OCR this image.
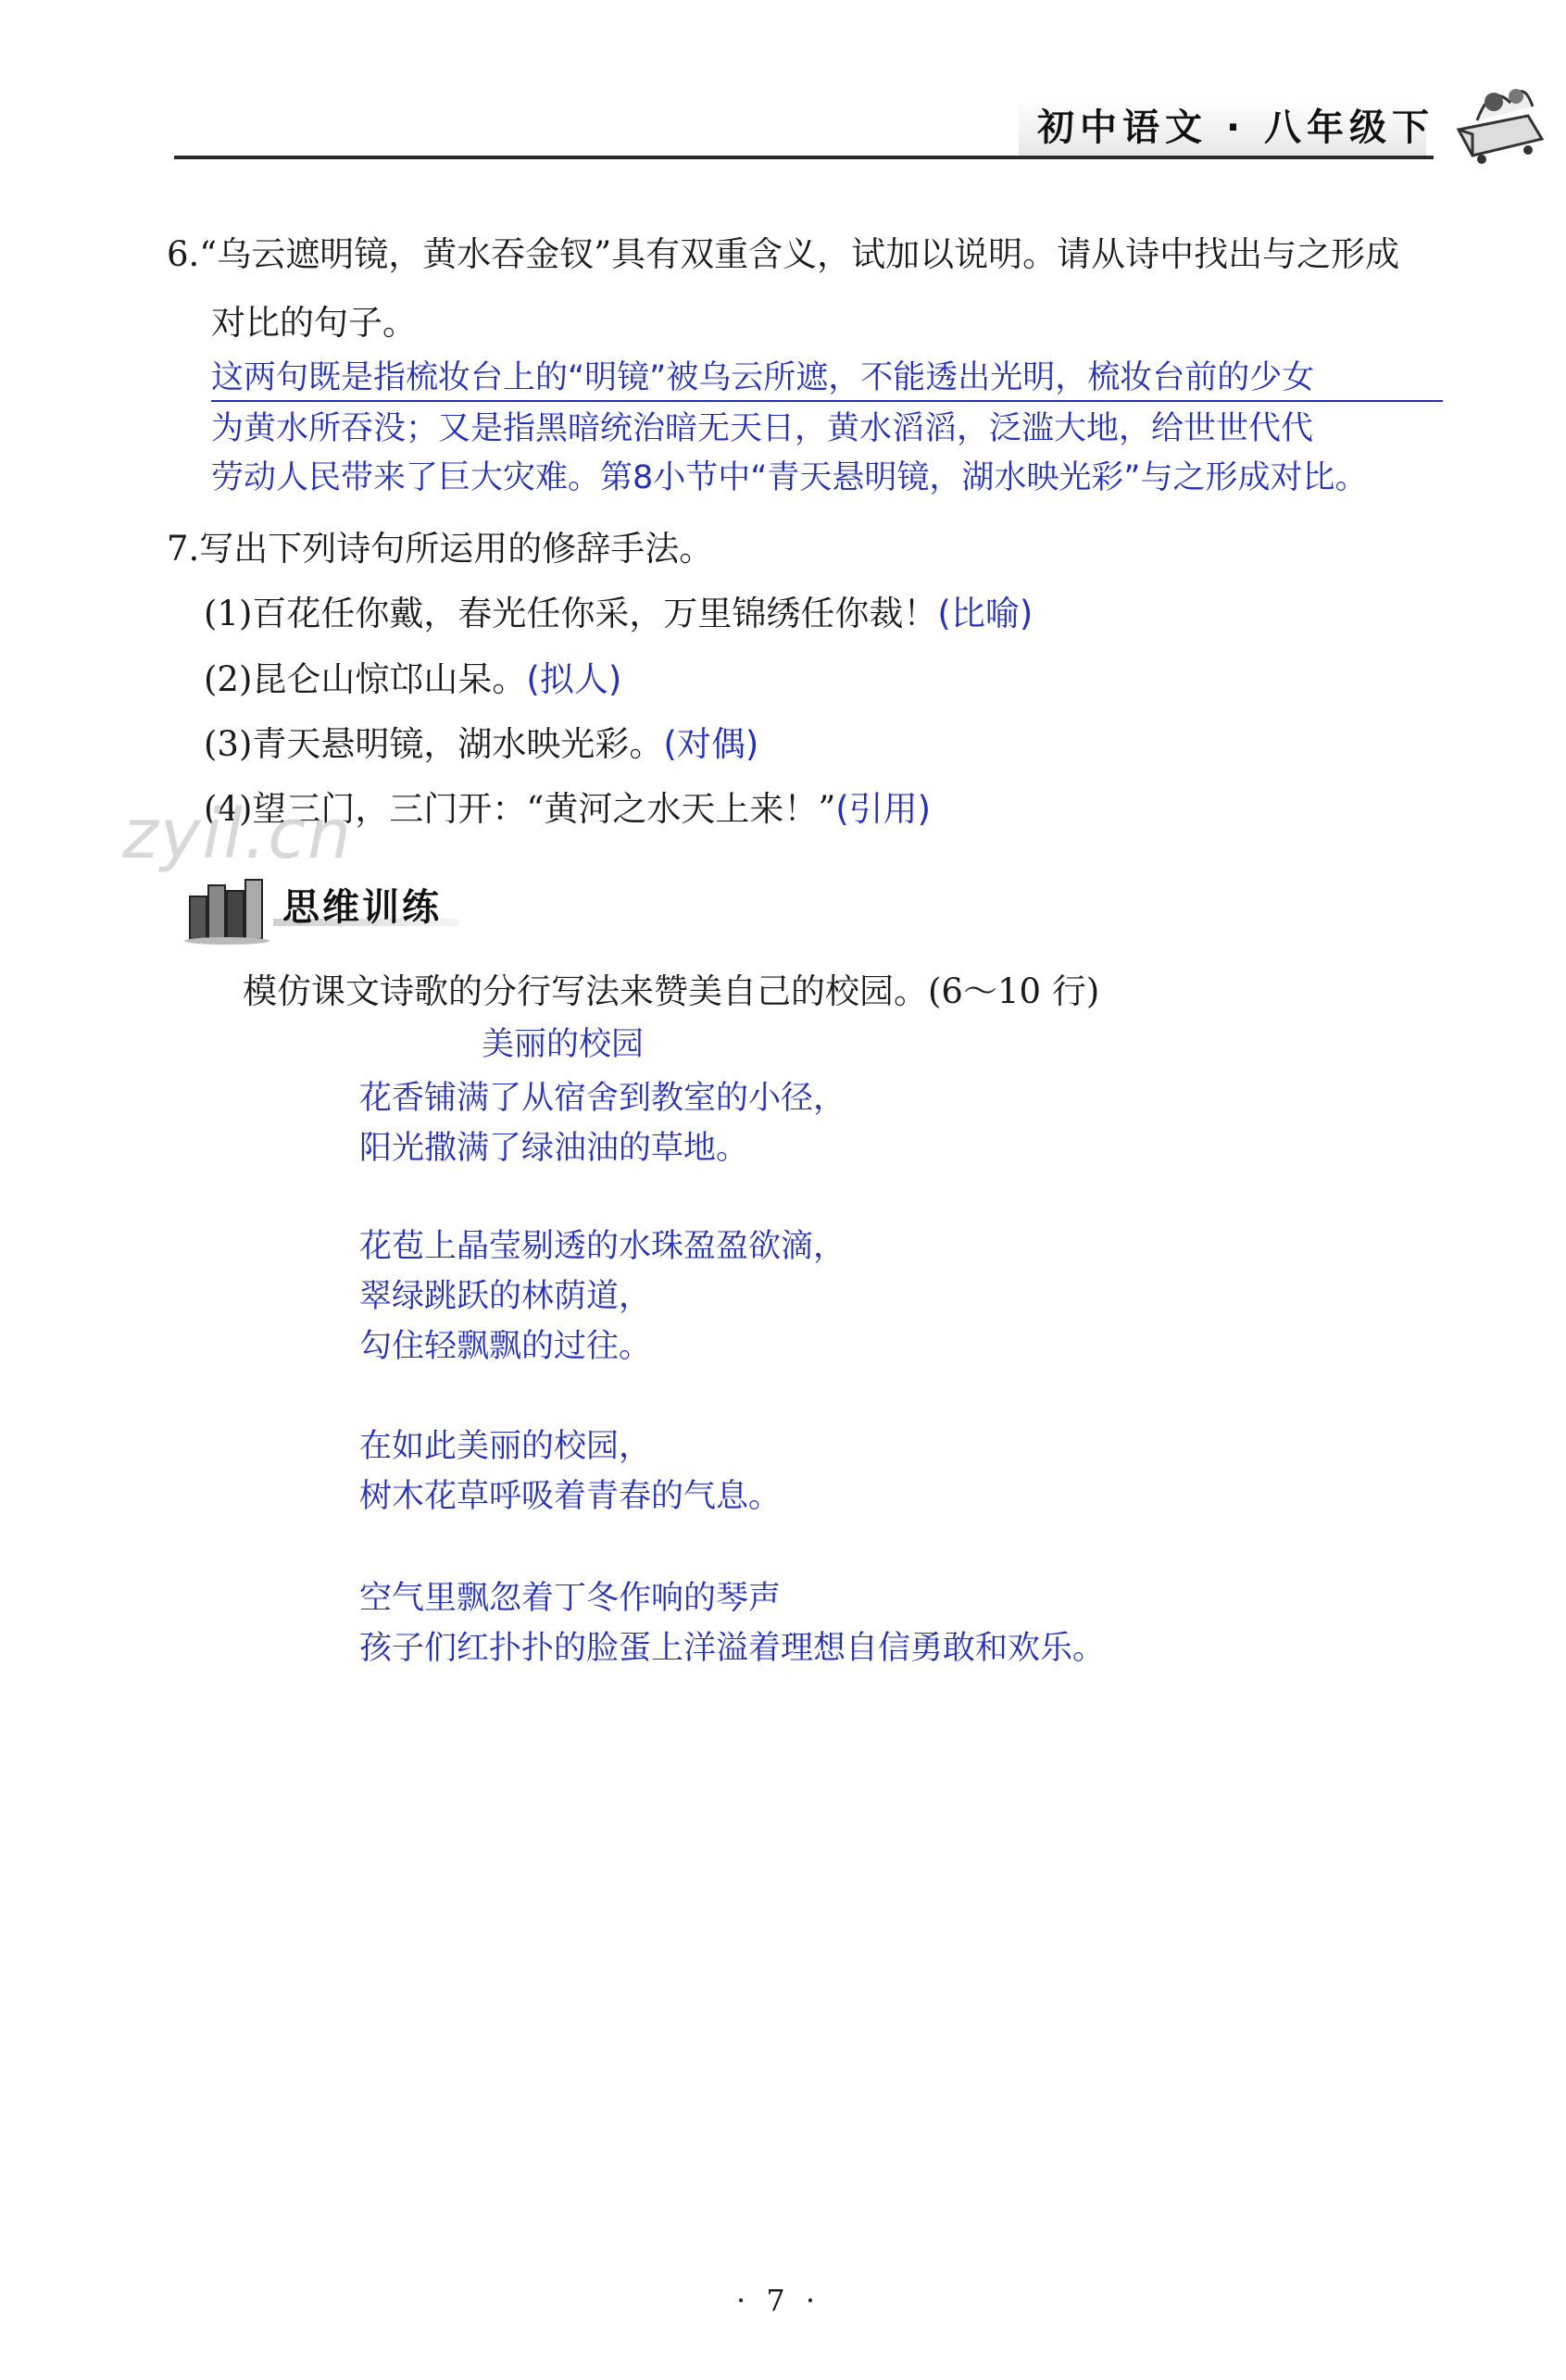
初中语文 · 八年级下
6.“乌云遮明镜，黄水吞金钗”具有双重含义，试加以说明。请从诗中找出与之形成
对比的句子。
这两句既是指梳妆台上的“明镜”被乌云所遮，不能透出光明，梳妆台前的少女
为黄水所吞没；又是指黑暗统治暗无天日，黄水滔滔，泛滥大地，给世世代代
劳动人民带来了巨大灾难。第8小节中“青天悬明镜，湖水映光彩”与之形成对比。
7.写出下列诗句所运用的修辞手法。
(1)百花任你戴，春光任你采，万里锦绣任你裁！(比喻)
(2)昆仑山惊邙山呆。(拟人)
(3)青天悬明镜，湖水映光彩。(对偶)
(4)望三门，三门开：“黄河之水天上来！”(引用)
zyil.cn
思维训练
模仿课文诗歌的分行写法来赞美自己的校园。(6～10 行)
美丽的校园
花香铺满了从宿舍到教室的小径，
阳光撒满了绿油油的草地。
花苞上晶莹剔透的水珠盈盈欲滴，
翠绿跳跃的林荫道，
勾住轻飘飘的过往。
在如此美丽的校园，
树木花草呼吸着青春的气息。
空气里飘忽着丁冬作响的琴声
孩子们红扑扑的脸蛋上洋溢着理想自信勇敢和欢乐。
· 7 ·
